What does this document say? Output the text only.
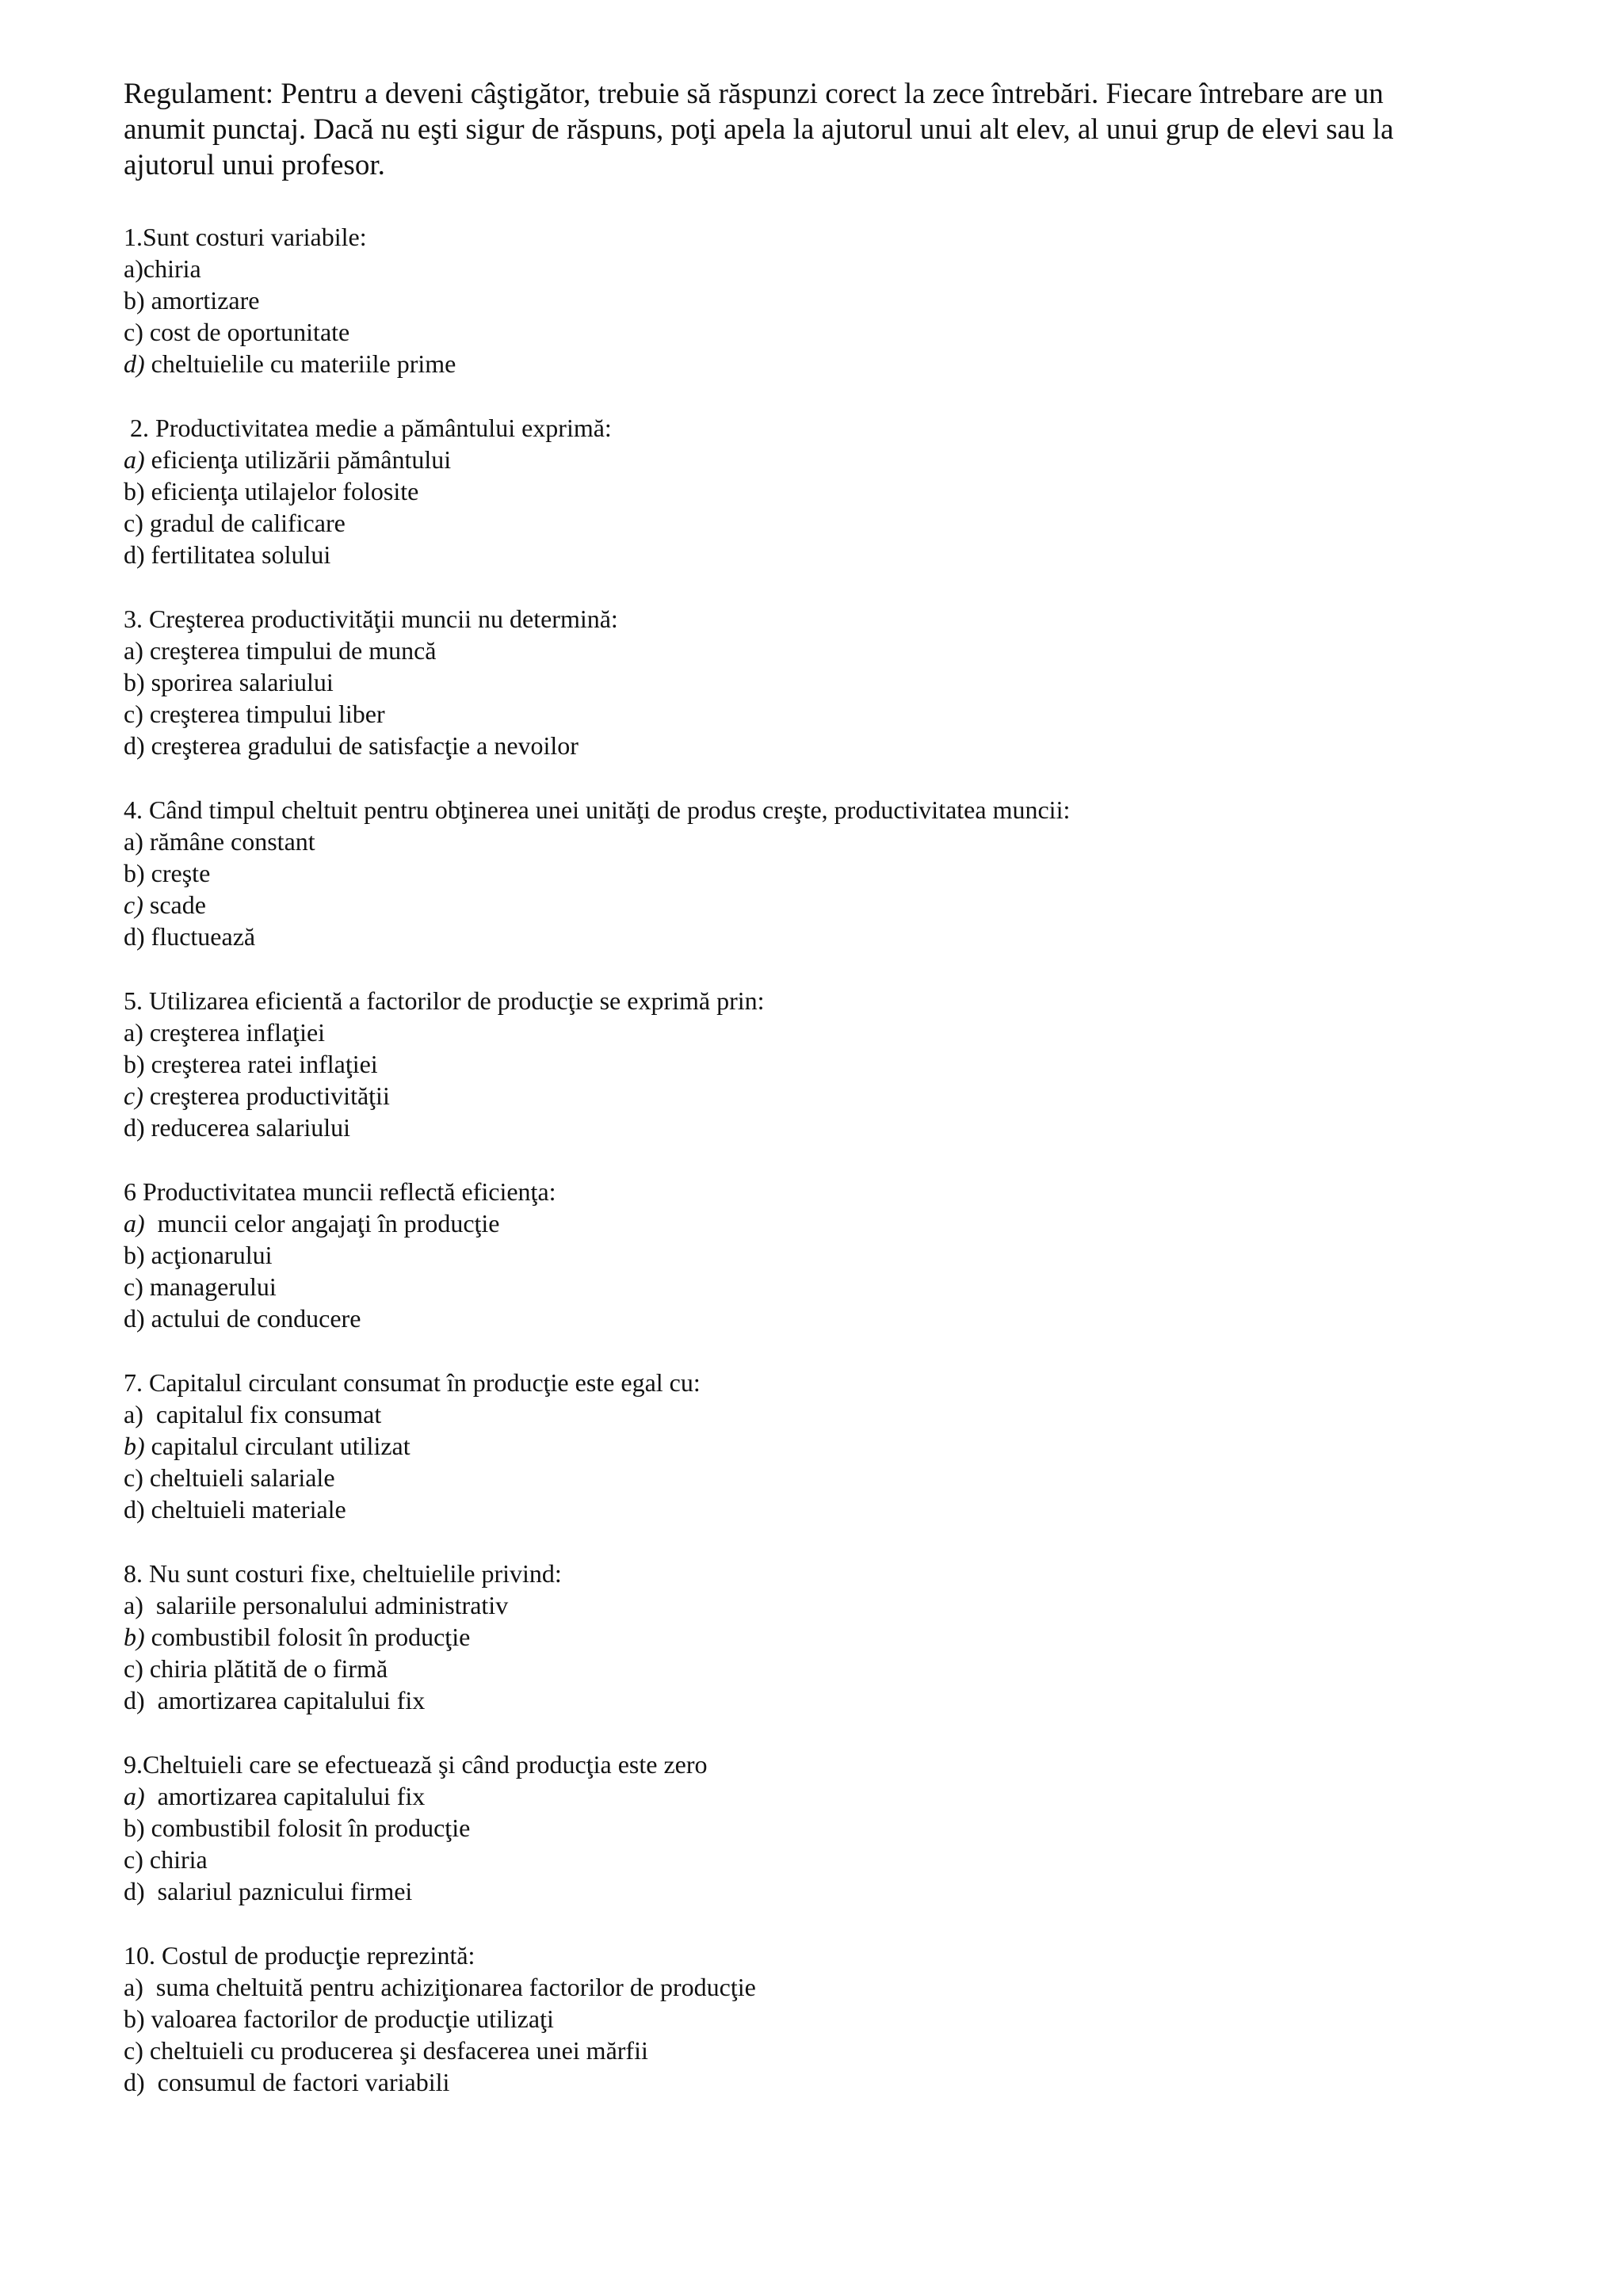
Regulament: Pentru a deveni câştigător, trebuie să răspunzi corect la zece întrebări. Fiecare întrebare are un anumit punctaj. Dacă nu eşti sigur de răspuns, poţi apela la ajutorul unui alt elev, al unui grup de elevi sau la ajutorul unui profesor.

1.Sunt costuri variabile:
a)chiria
b) amortizare
c) cost de oportunitate
d) cheltuielile cu materiile prime
2. Productivitatea medie a pământului exprimă:
a) eficienţa utilizării pământului
b) eficienţa utilajelor folosite
c) gradul de calificare
d) fertilitatea solului
3. Creşterea productivităţii muncii nu determină:
a) creşterea timpului de muncă
b) sporirea salariului
c) creşterea timpului liber
d) creşterea gradului de satisfacţie a nevoilor
4. Când timpul cheltuit pentru obţinerea unei unităţi de produs creşte, productivitatea muncii:
a) rămâne constant
b) creşte
c) scade
d) fluctuează
5. Utilizarea eficientă a factorilor de producţie se exprimă prin:
a) creşterea inflaţiei
b) creşterea ratei inflaţiei
c) creşterea productivităţii
d) reducerea salariului
6 Productivitatea muncii reflectă eficienţa:
a)  muncii celor angajaţi în producţie
b) acţionarului
c) managerului
d) actului de conducere
7. Capitalul circulant consumat în producţie este egal cu:
a)  capitalul fix consumat
b) capitalul circulant utilizat
c) cheltuieli salariale
d) cheltuieli materiale
8. Nu sunt costuri fixe, cheltuielile privind:
a)  salariile personalului administrativ
b) combustibil folosit în producţie
c) chiria plătită de o firmă
d)  amortizarea capitalului fix
9.Cheltuieli care se efectuează şi când producţia este zero
a)  amortizarea capitalului fix
b) combustibil folosit în producţie
c) chiria
d)  salariul paznicului firmei
10. Costul de producţie reprezintă:
a)  suma cheltuită pentru achiziţionarea factorilor de producţie
b) valoarea factorilor de producţie utilizaţi
c) cheltuieli cu producerea şi desfacerea unei mărfii
d)  consumul de factori variabili
